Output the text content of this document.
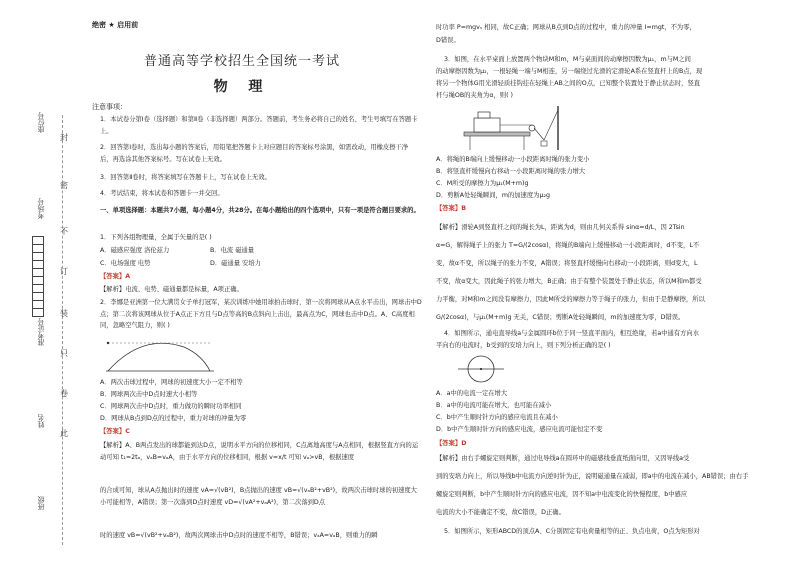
封
密
不
订
装
只
卷
此
座位号
考场号
准考证号
姓名
班级
绝密 ★ 启用前
普通高等学校招生全国统一考试
物 理
注意事项：
1．本试卷分第Ⅰ卷（选择题）和第Ⅱ卷（非选择题）两部分。答题前，考生务必将自己的姓名、考生号填写在答题卡上。
2．回答第Ⅰ卷时，选出每小题的答案后，用铅笔把答题卡上对应题目的答案标号涂黑，如需改动，用橡皮擦干净后，再选涂其他答案标号。写在试卷上无效。
3．回答第Ⅱ卷时，将答案填写在答题卡上，写在试卷上无效。
4．考试结束，将本试卷和答题卡一并交回。
一、单项选择题：本题共7小题，每小题4分，共28分。在每小题给出的四个选项中，只有一项是符合题目要求的。
1．下列各组物理量，全属于矢量的是( )
A．磁感应强度 洛伦兹力	B．电流 磁通量
C．电场强度 电势	D．磁通量 安培力
【答案】A
【解析】电流、电势、磁通量都是标量，A项正确。
2．李娜是亚洲第一位大满贯女子单打冠军，某次训练中她用球拍击球时，第一次将网球从A点水平击出，网球击中D点；第二次将该网球从位于A点正下方且与D点等高的B点斜向上击出，最高点为C，网球也击中D点。A、C高度相同，忽略空气阻力，则( )
A．两次击球过程中，网球的初速度大小一定不相等
B．网球两次击中D点时速大小相等
C．网球两次击中D点时，重力做功的瞬时功率相同
D．网球从B点到D点的过程中，重力对球的冲量为零
【答案】C
【解析】A、B两点发出的球都能到达D点，说明水平方向的位移相同，C点离地高度与A点相同，根据竖直方向的运动可知 t₁=2tₐ，vₐB=vₐA，由于水平方向的位移相同，根据 v=x/t 可知 vₐ>vB，根据速度
的合成可知，球从A点抛出时的速度 vA=√(vB²)，B点抛出的速度 vB=√(vₐB²+vB²)，故两次击球时球的初速度大小可能相等，A错误；第一次落到D点时速度 vD=√(vA²+vₐA²)，第二次落到D点
时的速度 vB=√(vB²+vₐB²)，故两次网球击中D点时的速度不相等，B错误；vₐA=vₐB，则重力的瞬
时功率 P=mgvᵧ 相同，故C正确；网球从B点到D点的过程中，重力的冲量 I=mgt，不为零，
D错误。
3．如图，在水平桌面上放置两个物块M和m，M与桌面间的动摩擦因数为μ₁，m与M之间
的动摩擦因数为μ₂，一根轻绳一端与M相连，另一端绕过光滑的定滑轮A系在竖直杆上的B点，现
将另一个物体G用光滑轻质挂钩挂在轻绳上AB之间的O点，已知整个装置处于静止状态时，竖直
杆与绳OB的夹角为α，则( )
A．将绳的B端向上缓慢移动一小段距离时绳的张力变小
B．将竖直杆缓慢向右移动一小段距离时绳的张力增大
C．M所受的摩擦力为μ₁(M+m)g
D．剪断A处轻绳瞬间，m的加速度为μ₂g
【答案】B
【解析】滑轮A到竖直杆之间的绳长为L，距离为d，则由几何关系得 sinα=d/L，因 2Tsin
α=G，解得绳子上的张力 T=G/(2cosα)，将绳的B端向上缓慢移动一小段距离时，d不变，L不
变，故α不变，所以绳子的张力不变，A错误；将竖直杆缓慢向右移动一小段距离，则d变大，L
不变，故α变大，因此绳子的张力增大，B正确；由于有整个装置处于静止状态，所以M和m都受
力平衡，对M和m之间没有摩擦力，因此M所受的摩擦力等于绳子的张力，但由于是静摩擦，所以
G/(2cosα)，与μ₁(M+m)g 无关，C错误；剪断A处轻绳瞬间，m的加速度为零，D错误。
4．如图所示，通电直导线a与金属圆环b位于同一竖直平面内，相互绝缘，若a中通有方向水
平向右的电流时，b受到的安培力向上，则下列分析正确的是( )
A．a中的电流一定在增大
B．a中的电流可能在增大，也可能在减小
C．b中产生顺时针方向的感应电流且在减小
D．b中产生顺时针方向的感应电流，感应电流可能恒定不变
【答案】D
【解析】由右手螺旋定则判断，通过电导线a在圆环中的磁感线垂直纸面向里，又因导线a受
到的安培力向上，所以导线b中电流方向逆时针为正，说明磁通量在减弱，即a中的电流在减小，AB错误；由右手
螺旋定则判断，b中产生顺时针方向的感应电流，因不知a中电流变化的快慢程度，b中感应
电流的大小不能确定不变，故C错误，D正确。
5．如图所示，矩形ABCD的顶点A、C分别固定有电荷量相等的正、负点电荷，O点为矩形对
